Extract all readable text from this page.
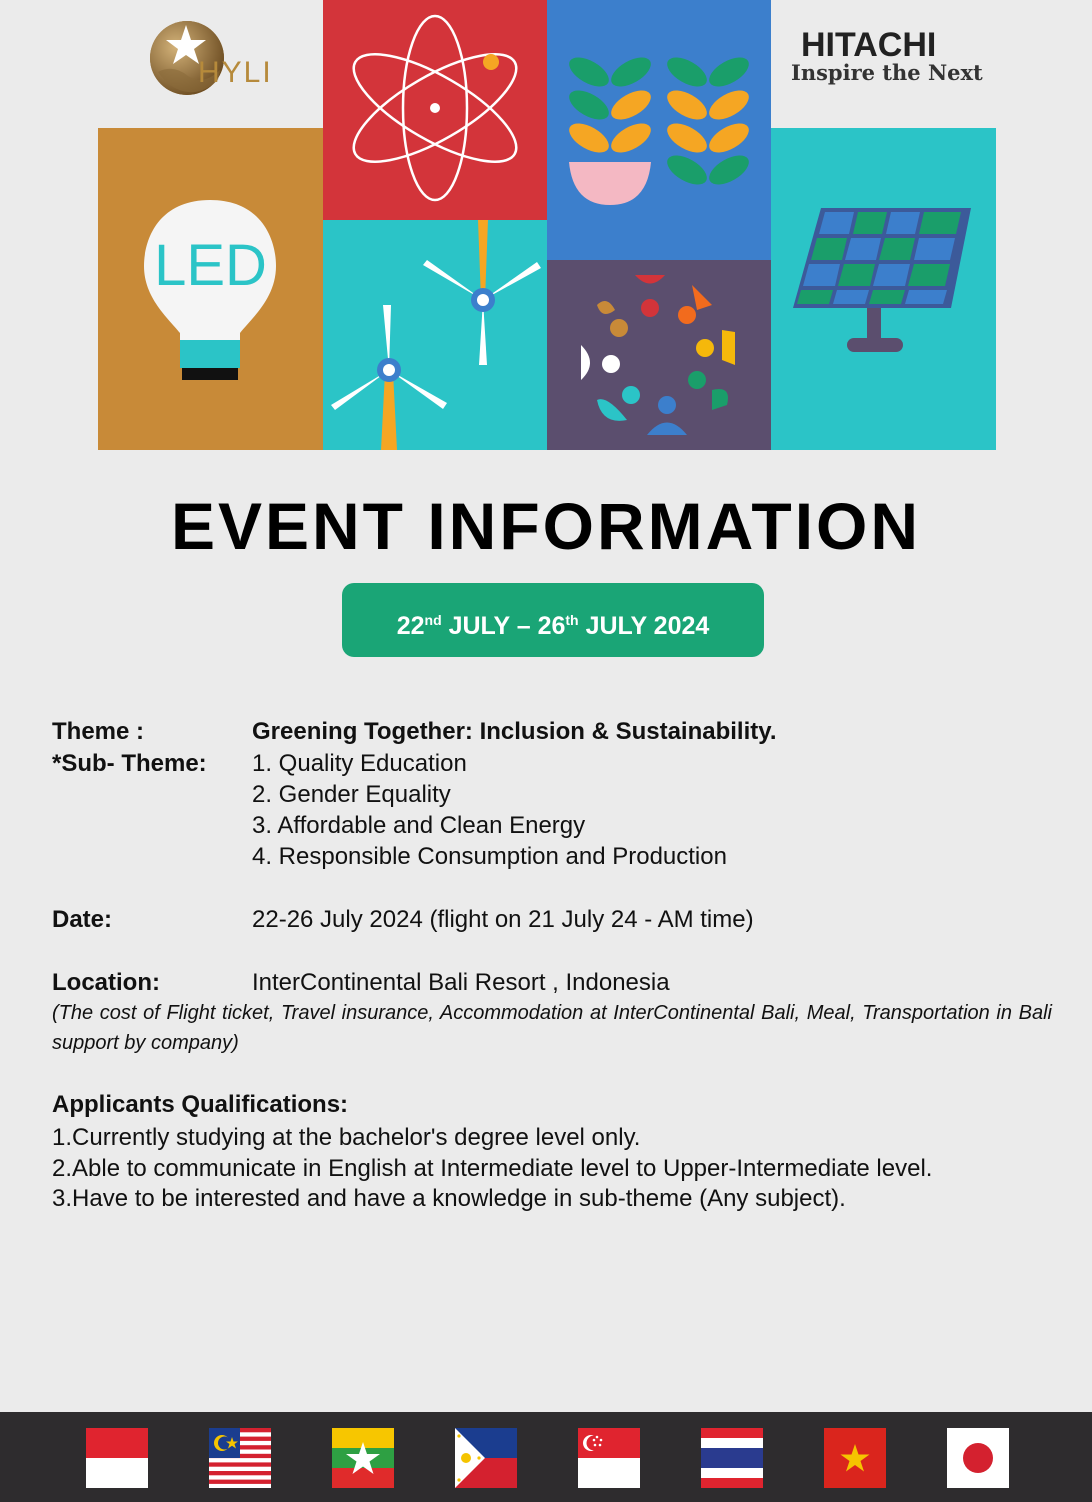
HYLI
HITACHI
Inspire the Next
LED
EVENT INFORMATION
22nd JULY – 26th JULY 2024
Theme :	Greening Together: Inclusion & Sustainability.
*Sub- Theme: 1. Quality Education
2. Gender Equality
3. Affordable and Clean Energy
4. Responsible Consumption and Production
Date:	22-26 July 2024 (flight on 21 July 24 - AM time)
Location:	InterContinental Bali Resort , Indonesia
(The cost of Flight ticket, Travel insurance, Accommodation at InterContinental Bali, Meal, Transportation in Bali support by company)
Applicants Qualifications:
1.Currently studying at the bachelor's degree level only.
2.Able to communicate in English at Intermediate level to Upper-Intermediate level.
3.Have to be interested and have a knowledge in sub-theme (Any subject).
